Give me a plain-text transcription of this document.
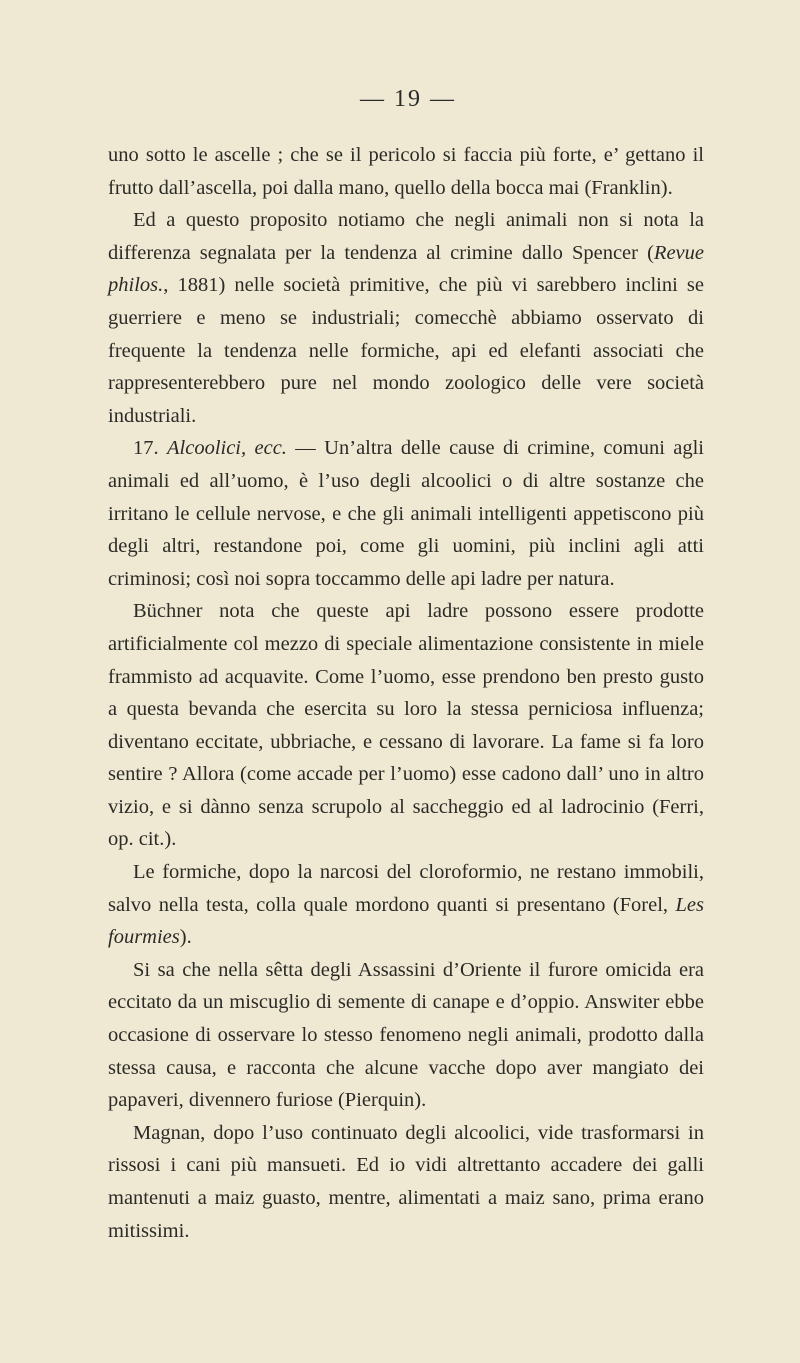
— 19 —

uno sotto le ascelle ; che se il pericolo si faccia più forte, e’ gettano il frutto dall’ascella, poi dalla mano, quello della bocca mai (Franklin).

Ed a questo proposito notiamo che negli animali non si nota la differenza segnalata per la tendenza al crimine dallo Spencer (Revue philos., 1881) nelle società primitive, che più vi sarebbero inclini se guerriere e meno se industriali; comecchè abbiamo osservato di frequente la tendenza nelle formiche, api ed elefanti associati che rappresenterebbero pure nel mondo zoologico delle vere società industriali.

17. Alcoolici, ecc. — Un’altra delle cause di crimine, comuni agli animali ed all’uomo, è l’uso degli alcoolici o di altre sostanze che irritano le cellule nervose, e che gli animali intelligenti appetiscono più degli altri, restandone poi, come gli uomini, più inclini agli atti criminosi; così noi sopra toccammo delle api ladre per natura.

Büchner nota che queste api ladre possono essere prodotte artificialmente col mezzo di speciale alimentazione consistente in miele frammisto ad acquavite. Come l’uomo, esse prendono ben presto gusto a questa bevanda che esercita su loro la stessa perniciosa influenza; diventano eccitate, ubbriache, e cessano di lavorare. La fame si fa loro sentire ? Allora (come accade per l’uomo) esse cadono dall’ uno in altro vizio, e si dànno senza scrupolo al saccheggio ed al ladrocinio (Ferri, op. cit.).

Le formiche, dopo la narcosi del cloroformio, ne restano immobili, salvo nella testa, colla quale mordono quanti si presentano (Forel, Les fourmies).

Si sa che nella sêtta degli Assassini d’Oriente il furore omicida era eccitato da un miscuglio di semente di canape e d’oppio. Answiter ebbe occasione di osservare lo stesso fenomeno negli animali, prodotto dalla stessa causa, e racconta che alcune vacche dopo aver mangiato dei papaveri, divennero furiose (Pierquin).

Magnan, dopo l’uso continuato degli alcoolici, vide trasformarsi in rissosi i cani più mansueti. Ed io vidi altrettanto accadere dei galli mantenuti a maiz guasto, mentre, alimentati a maiz sano, prima erano mitissimi.
